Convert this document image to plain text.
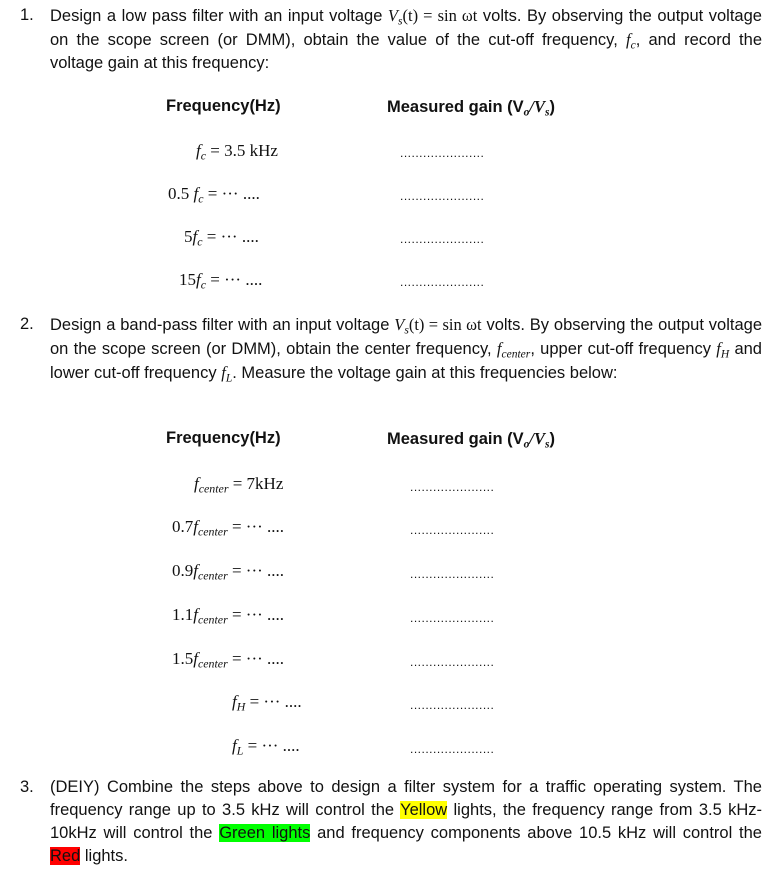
1. Design a low pass filter with an input voltage $V_s(t) = \sin \omega t$ volts. By observing the output voltage on the scope screen (or DMM), obtain the value of the cut-off frequency, $f_c$, and record the voltage gain at this frequency:
Frequency(Hz)	Measured gain $(V_o/V_s)$
$f_c = 3.5$ kHz	......................
0.5 $f_c$ = ··· ....	......................
$5f_c$ = ··· ....	......................
$15f_c$ = ··· ....	......................
2. Design a band-pass filter with an input voltage $V_s(t) = \sin \omega t$ volts. By observing the output voltage on the scope screen (or DMM), obtain the center frequency, $f_{center}$, upper cut-off frequency $f_H$ and lower cut-off frequency $f_L$. Measure the voltage gain at this frequencies below:
Frequency(Hz)	Measured gain $(V_o/V_s)$
$f_{center} = 7kHz$	......................
$0.7f_{center}$ = ··· ....	......................
$0.9f_{center}$ = ··· ....	......................
$1.1f_{center}$ = ··· ....	......................
$1.5f_{center}$ = ··· ....	......................
$f_H$ = ··· ....	......................
$f_L$ = ··· ....	......................
3. (DEIY) Combine the steps above to design a filter system for a traffic operating system. The frequency range up to 3.5 kHz will control the Yellow lights, the frequency range from 3.5 kHz-10kHz will control the Green lights and frequency components above 10.5 kHz will control the Red lights.
